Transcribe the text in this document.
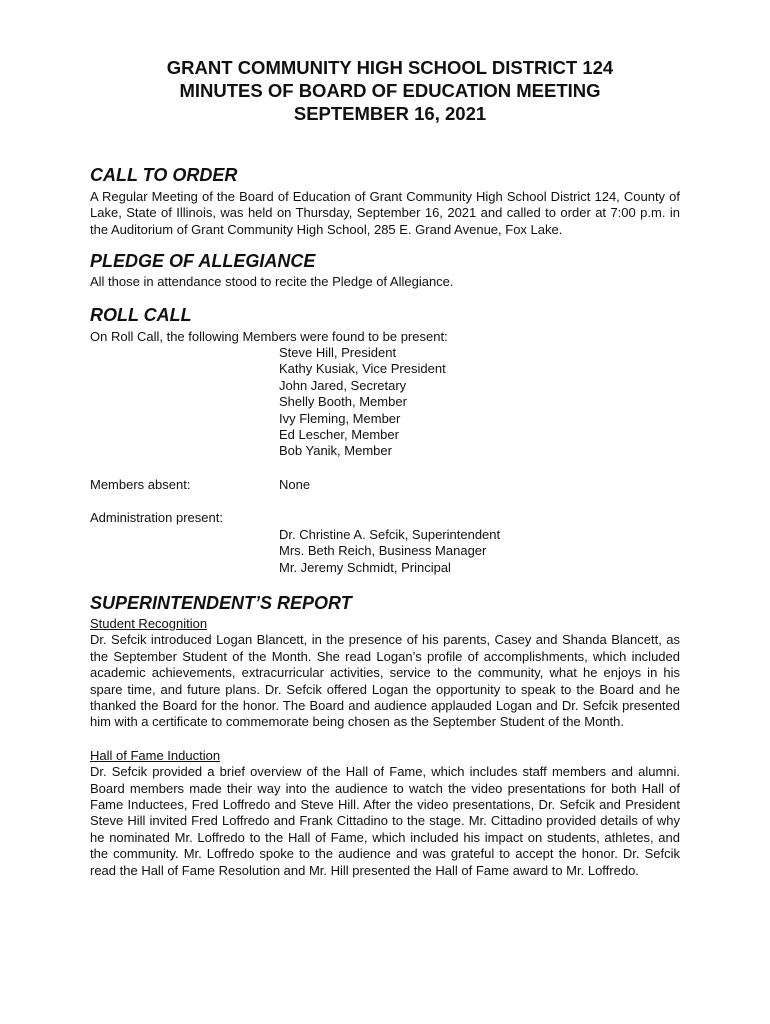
GRANT COMMUNITY HIGH SCHOOL DISTRICT 124
MINUTES OF BOARD OF EDUCATION MEETING
SEPTEMBER 16, 2021
CALL TO ORDER

A Regular Meeting of the Board of Education of Grant Community High School District 124, County of Lake, State of Illinois, was held on Thursday, September 16, 2021 and called to order at 7:00 p.m. in the Auditorium of Grant Community High School, 285 E. Grand Avenue, Fox Lake.

PLEDGE OF ALLEGIANCE

All those in attendance stood to recite the Pledge of Allegiance.

ROLL CALL

On Roll Call, the following Members were found to be present:

Steve Hill, President
Kathy Kusiak, Vice President
John Jared, Secretary
Shelly Booth, Member
Ivy Fleming, Member
Ed Lescher, Member
Bob Yanik, Member
Members absent:	None
Administration present:
Dr. Christine A. Sefcik, Superintendent
Mrs. Beth Reich, Business Manager
Mr. Jeremy Schmidt, Principal
SUPERINTENDENT’S REPORT
Student Recognition

Dr. Sefcik introduced Logan Blancett, in the presence of his parents, Casey and Shanda Blancett, as the September Student of the Month. She read Logan’s profile of accomplishments, which included academic achievements, extracurricular activities, service to the community, what he enjoys in his spare time, and future plans. Dr. Sefcik offered Logan the opportunity to speak to the Board and he thanked the Board for the honor. The Board and audience applauded Logan and Dr. Sefcik presented him with a certificate to commemorate being chosen as the September Student of the Month.

Hall of Fame Induction

Dr. Sefcik provided a brief overview of the Hall of Fame, which includes staff members and alumni. Board members made their way into the audience to watch the video presentations for both Hall of Fame Inductees, Fred Loffredo and Steve Hill. After the video presentations, Dr. Sefcik and President Steve Hill invited Fred Loffredo and Frank Cittadino to the stage. Mr. Cittadino provided details of why he nominated Mr. Loffredo to the Hall of Fame, which included his impact on students, athletes, and the community. Mr. Loffredo spoke to the audience and was grateful to accept the honor. Dr. Sefcik read the Hall of Fame Resolution and Mr. Hill presented the Hall of Fame award to Mr. Loffredo.
